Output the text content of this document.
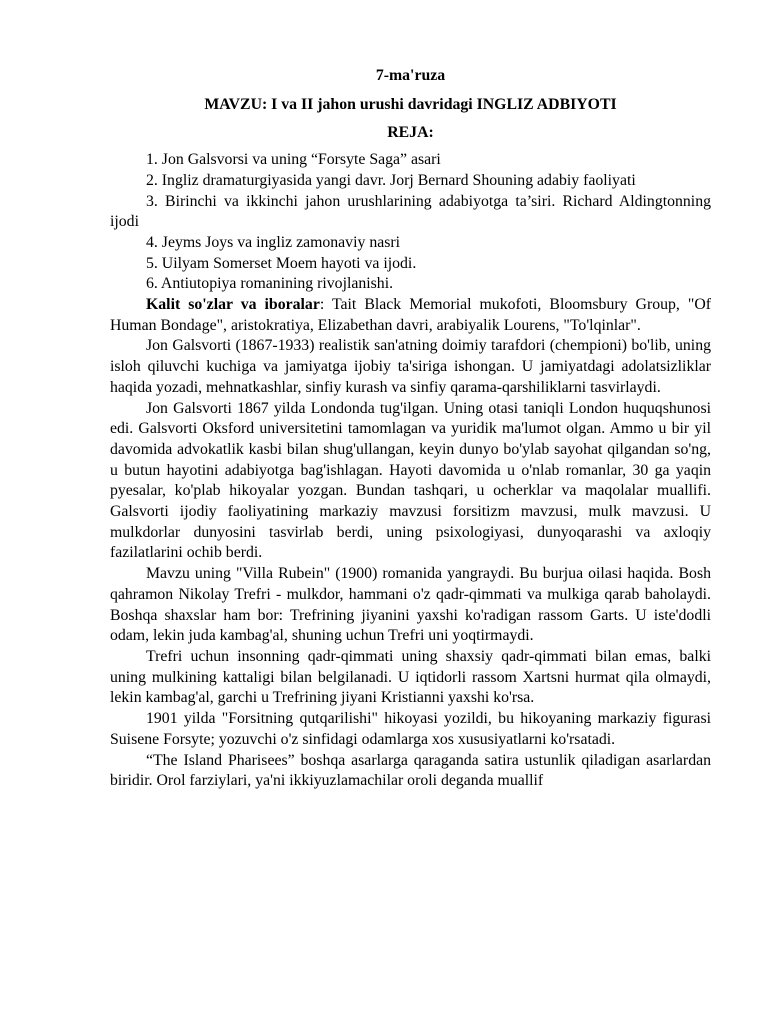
7-ma'ruza

MAVZU: I va II jahon urushi davridagi INGLIZ ADBIYOTI

REJA:

1. Jon Galsvorsi va uning “Forsyte Saga” asari
2. Ingliz dramaturgiyasida yangi davr. Jorj Bernard Shouning adabiy faoliyati
3. Birinchi va ikkinchi jahon urushlarining adabiyotga ta’siri. Richard Aldingtonning ijodi
4. Jeyms Joys va ingliz zamonaviy nasri
5. Uilyam Somerset Moem hayoti va ijodi.
6. Antiutopiya romanining rivojlanishi.

Kalit so'zlar va iboralar: Tait Black Memorial mukofoti, Bloomsbury Group, "Of Human Bondage", aristokratiya, Elizabethan davri, arabiyalik Lourens, "To'lqinlar".

Jon Galsvorti (1867-1933) realistik san'atning doimiy tarafdori (chempioni) bo'lib, uning isloh qiluvchi kuchiga va jamiyatga ijobiy ta'siriga ishongan. U jamiyatdagi adolatsizliklar haqida yozadi, mehnatkashlar, sinfiy kurash va sinfiy qarama-qarshiliklarni tasvirlaydi.

Jon Galsvorti 1867 yilda Londonda tug'ilgan. Uning otasi taniqli London huquqshunosi edi. Galsvorti Oksford universitetini tamomlagan va yuridik ma'lumot olgan. Ammo u bir yil davomida advokatlik kasbi bilan shug'ullangan, keyin dunyo bo'ylab sayohat qilgandan so'ng, u butun hayotini adabiyotga bag'ishlagan. Hayoti davomida u o'nlab romanlar, 30 ga yaqin pyesalar, ko'plab hikoyalar yozgan. Bundan tashqari, u ocherklar va maqolalar muallifi. Galsvorti ijodiy faoliyatining markaziy mavzusi forsitizm mavzusi, mulk mavzusi. U mulkdorlar dunyosini tasvirlab berdi, uning psixologiyasi, dunyoqarashi va axloqiy fazilatlarini ochib berdi.

Mavzu uning "Villa Rubein" (1900) romanida yangraydi. Bu burjua oilasi haqida. Bosh qahramon Nikolay Trefri - mulkdor, hammani o'z qadr-qimmati va mulkiga qarab baholaydi. Boshqa shaxslar ham bor: Trefrining jiyanini yaxshi ko'radigan rassom Garts. U iste'dodli odam, lekin juda kambag'al, shuning uchun Trefri uni yoqtirmaydi.

Trefri uchun insonning qadr-qimmati uning shaxsiy qadr-qimmati bilan emas, balki uning mulkining kattaligi bilan belgilanadi. U iqtidorli rassom Xartsni hurmat qila olmaydi, lekin kambag'al, garchi u Trefrining jiyani Kristianni yaxshi ko'rsa.

1901 yilda "Forsitning qutqarilishi" hikoyasi yozildi, bu hikoyaning markaziy figurasi Suisene Forsyte; yozuvchi o'z sinfidagi odamlarga xos xususiyatlarni ko'rsatadi.

“The Island Pharisees” boshqa asarlarga qaraganda satira ustunlik qiladigan asarlardan biridir. Orol farziylari, ya'ni ikkiyuzlamachilar oroli deganda muallif
